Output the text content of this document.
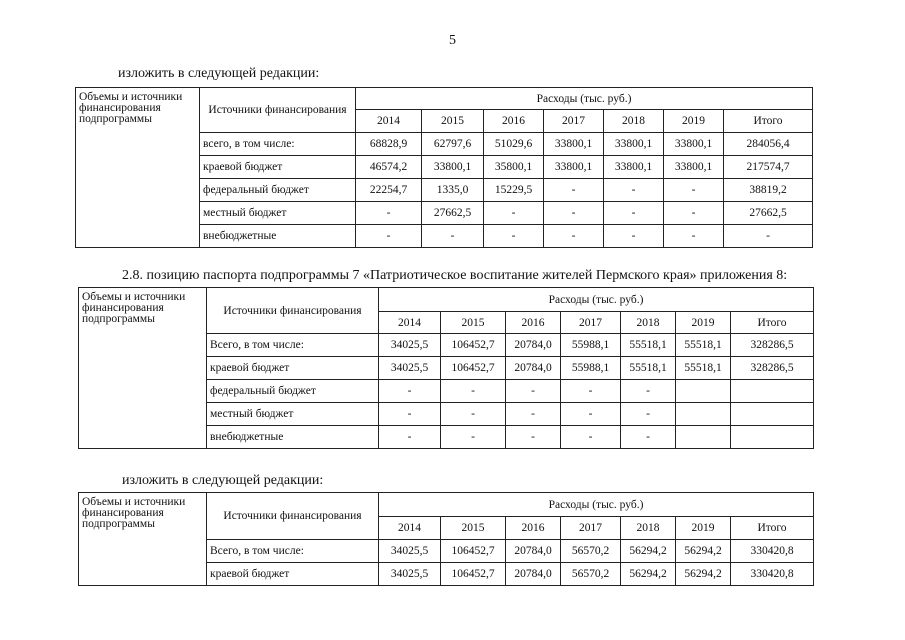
5
изложить в следующей редакции:
Объемы и источники финансирования подпрограммы	Источники финансирования	Расходы (тыс. руб.)						
		2014	2015	2016	2017	2018	2019	Итого
	всего, в том числе:	68828,9	62797,6	51029,6	33800,1	33800,1	33800,1	284056,4
	краевой бюджет	46574,2	33800,1	35800,1	33800,1	33800,1	33800,1	217574,7
	федеральный бюджет	22254,7	1335,0	15229,5	-	-	-	38819,2
	местный бюджет	-	27662,5	-	-	-	-	27662,5
	внебюджетные	-	-	-	-	-	-	-
2.8. позицию паспорта подпрограммы 7 «Патриотическое воспитание жителей Пермского края» приложения 8:
Объемы и источники финансирования подпрограммы	Источники финансирования	Расходы (тыс. руб.)						
		2014	2015	2016	2017	2018	2019	Итого
	Всего, в том числе:	34025,5	106452,7	20784,0	55988,1	55518,1	55518,1	328286,5
	краевой бюджет	34025,5	106452,7	20784,0	55988,1	55518,1	55518,1	328286,5
	федеральный бюджет	-	-	-	-	-		
	местный бюджет	-	-	-	-	-		
	внебюджетные	-	-	-	-	-		
изложить в следующей редакции:
Объемы и источники финансирования подпрограммы	Источники финансирования	Расходы (тыс. руб.)						
		2014	2015	2016	2017	2018	2019	Итого
	Всего, в том числе:	34025,5	106452,7	20784,0	56570,2	56294,2	56294,2	330420,8
	краевой бюджет	34025,5	106452,7	20784,0	56570,2	56294,2	56294,2	330420,8
